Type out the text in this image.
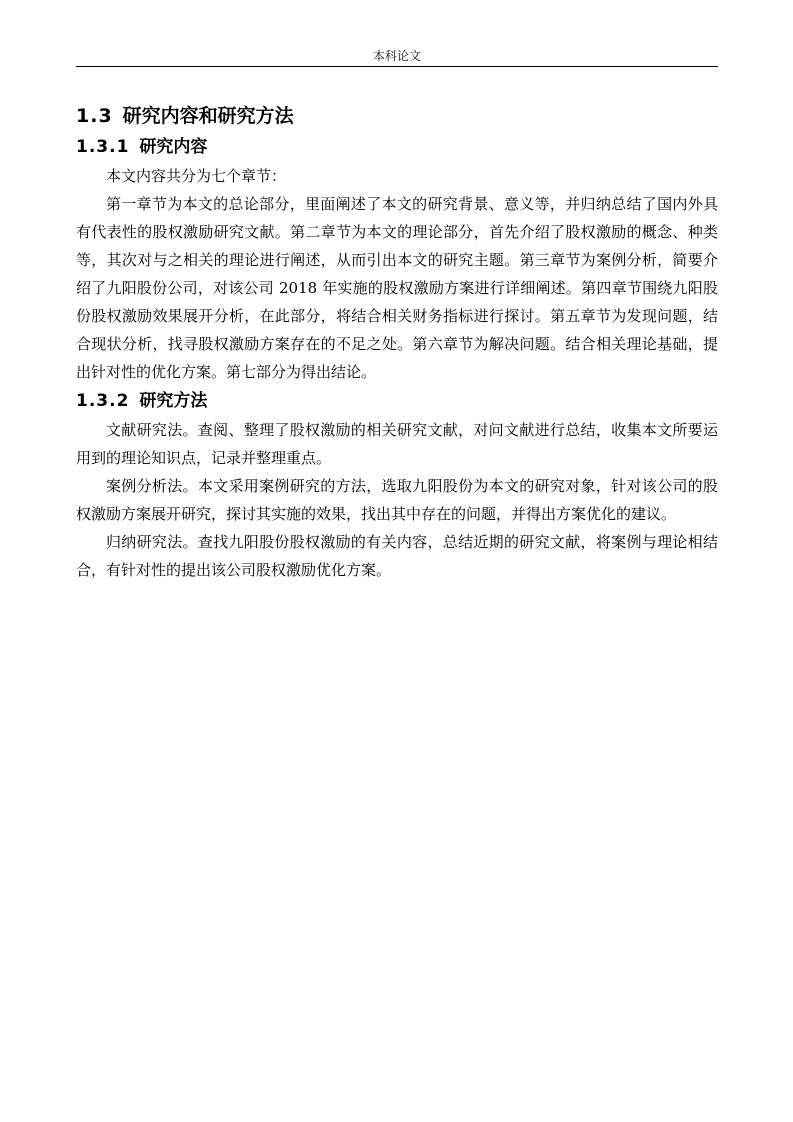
本科论文
1.3 研究内容和研究方法
1.3.1 研究内容

本文内容共分为七个章节：

第一章节为本文的总论部分，里面阐述了本文的研究背景、意义等，并归纳总结了国内外具有代表性的股权激励研究文献。第二章节为本文的理论部分，首先介绍了股权激励的概念、种类等，其次对与之相关的理论进行阐述，从而引出本文的研究主题。第三章节为案例分析，简要介绍了九阳股份公司，对该公司 2018 年实施的股权激励方案进行详细阐述。第四章节围绕九阳股份股权激励效果展开分析，在此部分，将结合相关财务指标进行探讨。第五章节为发现问题，结合现状分析，找寻股权激励方案存在的不足之处。第六章节为解决问题。结合相关理论基础，提出针对性的优化方案。第七部分为得出结论。

1.3.2 研究方法

文献研究法。查阅、整理了股权激励的相关研究文献，对问文献进行总结，收集本文所要运用到的理论知识点，记录并整理重点。

案例分析法。本文采用案例研究的方法，选取九阳股份为本文的研究对象，针对该公司的股权激励方案展开研究，探讨其实施的效果，找出其中存在的问题，并得出方案优化的建议。

归纳研究法。查找九阳股份股权激励的有关内容，总结近期的研究文献，将案例与理论相结合，有针对性的提出该公司股权激励优化方案。
